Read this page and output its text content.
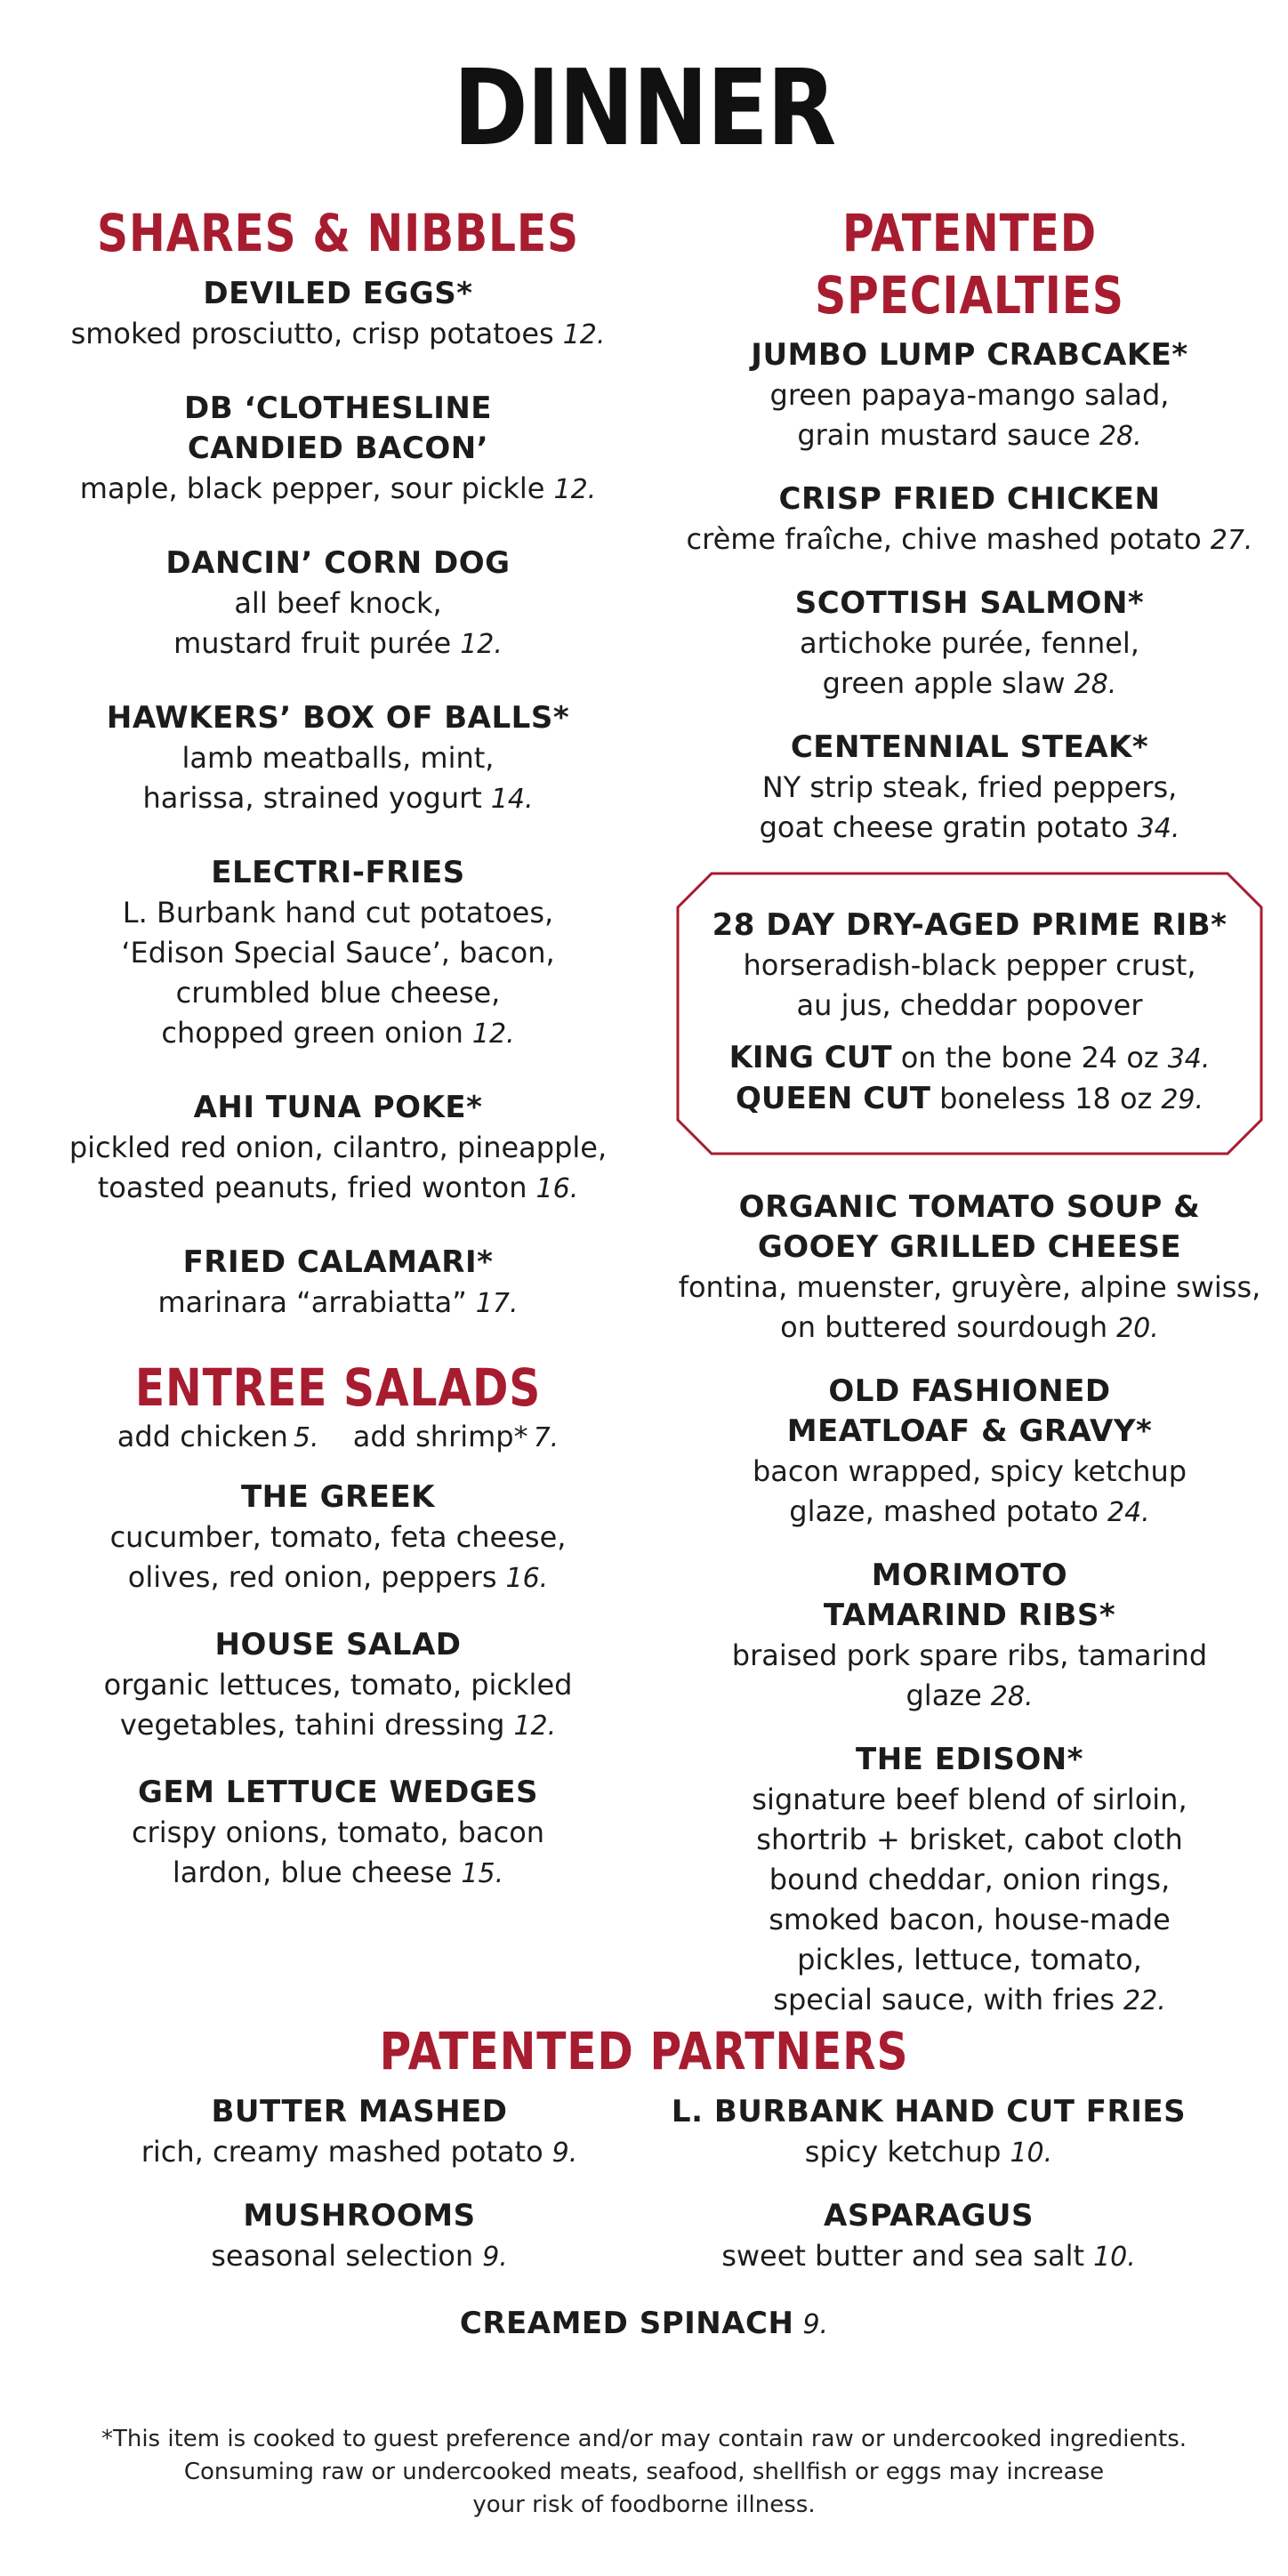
DINNER
SHARES & NIBBLES
DEVILED EGGS*
smoked prosciutto, crisp potatoes 12.
DB ‘CLOTHESLINE
CANDIED BACON’
maple, black pepper, sour pickle 12.
DANCIN’ CORN DOG
all beef knock,
mustard fruit purée 12.
HAWKERS’ BOX OF BALLS*
lamb meatballs, mint,
harissa, strained yogurt 14.
ELECTRI-FRIES
L. Burbank hand cut potatoes,
‘Edison Special Sauce’, bacon,
crumbled blue cheese,
chopped green onion 12.
AHI TUNA POKE*
pickled red onion, cilantro, pineapple,
toasted peanuts, fried wonton 16.
FRIED CALAMARI*
marinara “arrabiatta” 17.
ENTREE SALADS
add chicken 5. add shrimp* 7.
THE GREEK
cucumber, tomato, feta cheese,
olives, red onion, peppers 16.
HOUSE SALAD
organic lettuces, tomato, pickled
vegetables, tahini dressing 12.
GEM LETTUCE WEDGES
crispy onions, tomato, bacon
lardon, blue cheese 15.
PATENTED SPECIALTIES
JUMBO LUMP CRABCAKE*
green papaya-mango salad,
grain mustard sauce 28.
CRISP FRIED CHICKEN
crème fraîche, chive mashed potato 27.
SCOTTISH SALMON*
artichoke purée, fennel,
green apple slaw 28.
CENTENNIAL STEAK*
NY strip steak, fried peppers,
goat cheese gratin potato 34.
28 DAY DRY-AGED PRIME RIB*
horseradish-black pepper crust,
au jus, cheddar popover
KING CUT on the bone 24 oz 34.
QUEEN CUT boneless 18 oz 29.
ORGANIC TOMATO SOUP &
GOOEY GRILLED CHEESE
fontina, muenster, gruyère, alpine swiss,
on buttered sourdough 20.
OLD FASHIONED
MEATLOAF & GRAVY*
bacon wrapped, spicy ketchup
glaze, mashed potato 24.
MORIMOTO
TAMARIND RIBS*
braised pork spare ribs, tamarind glaze 28.
THE EDISON*
signature beef blend of sirloin,
shortrib + brisket, cabot cloth
bound cheddar, onion rings,
smoked bacon, house-made
pickles, lettuce, tomato,
special sauce, with fries 22.
PATENTED PARTNERS
BUTTER MASHED
rich, creamy mashed potato 9.
MUSHROOMS
seasonal selection 9.
L. BURBANK HAND CUT FRIES
spicy ketchup 10.
ASPARAGUS
sweet butter and sea salt 10.
CREAMED SPINACH 9.
*This item is cooked to guest preference and/or may contain raw or undercooked ingredients.
Consuming raw or undercooked meats, seafood, shellfish or eggs may increase
your risk of foodborne illness.
